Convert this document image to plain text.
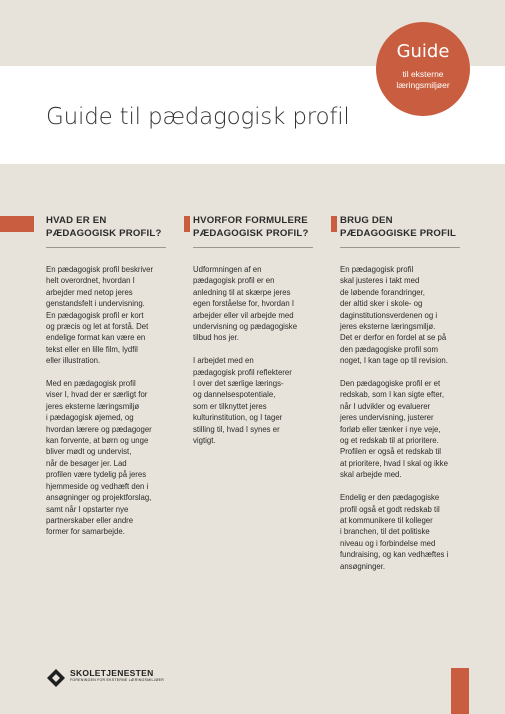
Guide til pædagogisk profil
Guide
til eksterne
læringsmiljøer
HVAD ER EN
PÆDAGOGISK PROFIL?

En pædagogisk profil beskriver
helt overordnet, hvordan I
arbejder med netop jeres
genstandsfelt i undervisning.
En pædagogisk profil er kort
og præcis og let at forstå. Det
endelige format kan være en
tekst eller en lille film, lydfil
eller illustration.

Med en pædagogisk profil
viser I, hvad der er særligt for
jeres eksterne læringsmiljø
i pædagogisk øjemed, og
hvordan lærere og pædagoger
kan forvente, at børn og unge
bliver mødt og undervist,
når de besøger jer. Lad
profilen være tydelig på jeres
hjemmeside og vedhæft den i
ansøgninger og projektforslag,
samt når I opstarter nye
partnerskaber eller andre
former for samarbejde.

HVORFOR FORMULERE
PÆDAGOGISK PROFIL?

Udformningen af en
pædagogisk profil er en
anledning til at skærpe jeres
egen forståelse for, hvordan I
arbejder eller vil arbejde med
undervisning og pædagogiske
tilbud hos jer.

I arbejdet med en
pædagogisk profil reflekterer
I over det særlige lærings-
og dannelsespotentiale,
som er tilknyttet jeres
kulturinstitution, og I tager
stilling til, hvad I synes er
vigtigt.

BRUG DEN
PÆDAGOGISKE PROFIL

En pædagogisk profil
skal justeres i takt med
de løbende forandringer,
der altid sker i skole- og
daginstitutionsverdenen og i
jeres eksterne læringsmiljø.
Det er derfor en fordel at se på
den pædagogiske profil som
noget, I kan tage op til revision.

Den pædagogiske profil er et
redskab, som I kan sigte efter,
når I udvikler og evaluerer
jeres undervisning, justerer
forløb eller tænker i nye veje,
og et redskab til at prioritere.
Profilen er også et redskab til
at prioritere, hvad I skal og ikke
skal arbejde med.

Endelig er den pædagogiske
profil også et godt redskab til
at kommunikere til kolleger
i branchen, til det politiske
niveau og i forbindelse med
fundraising, og kan vedhæftes i
ansøgninger.

SKOLETJENESTEN
FORENINGEN FOR EKSTERNE LÆRINGSMILJØER
